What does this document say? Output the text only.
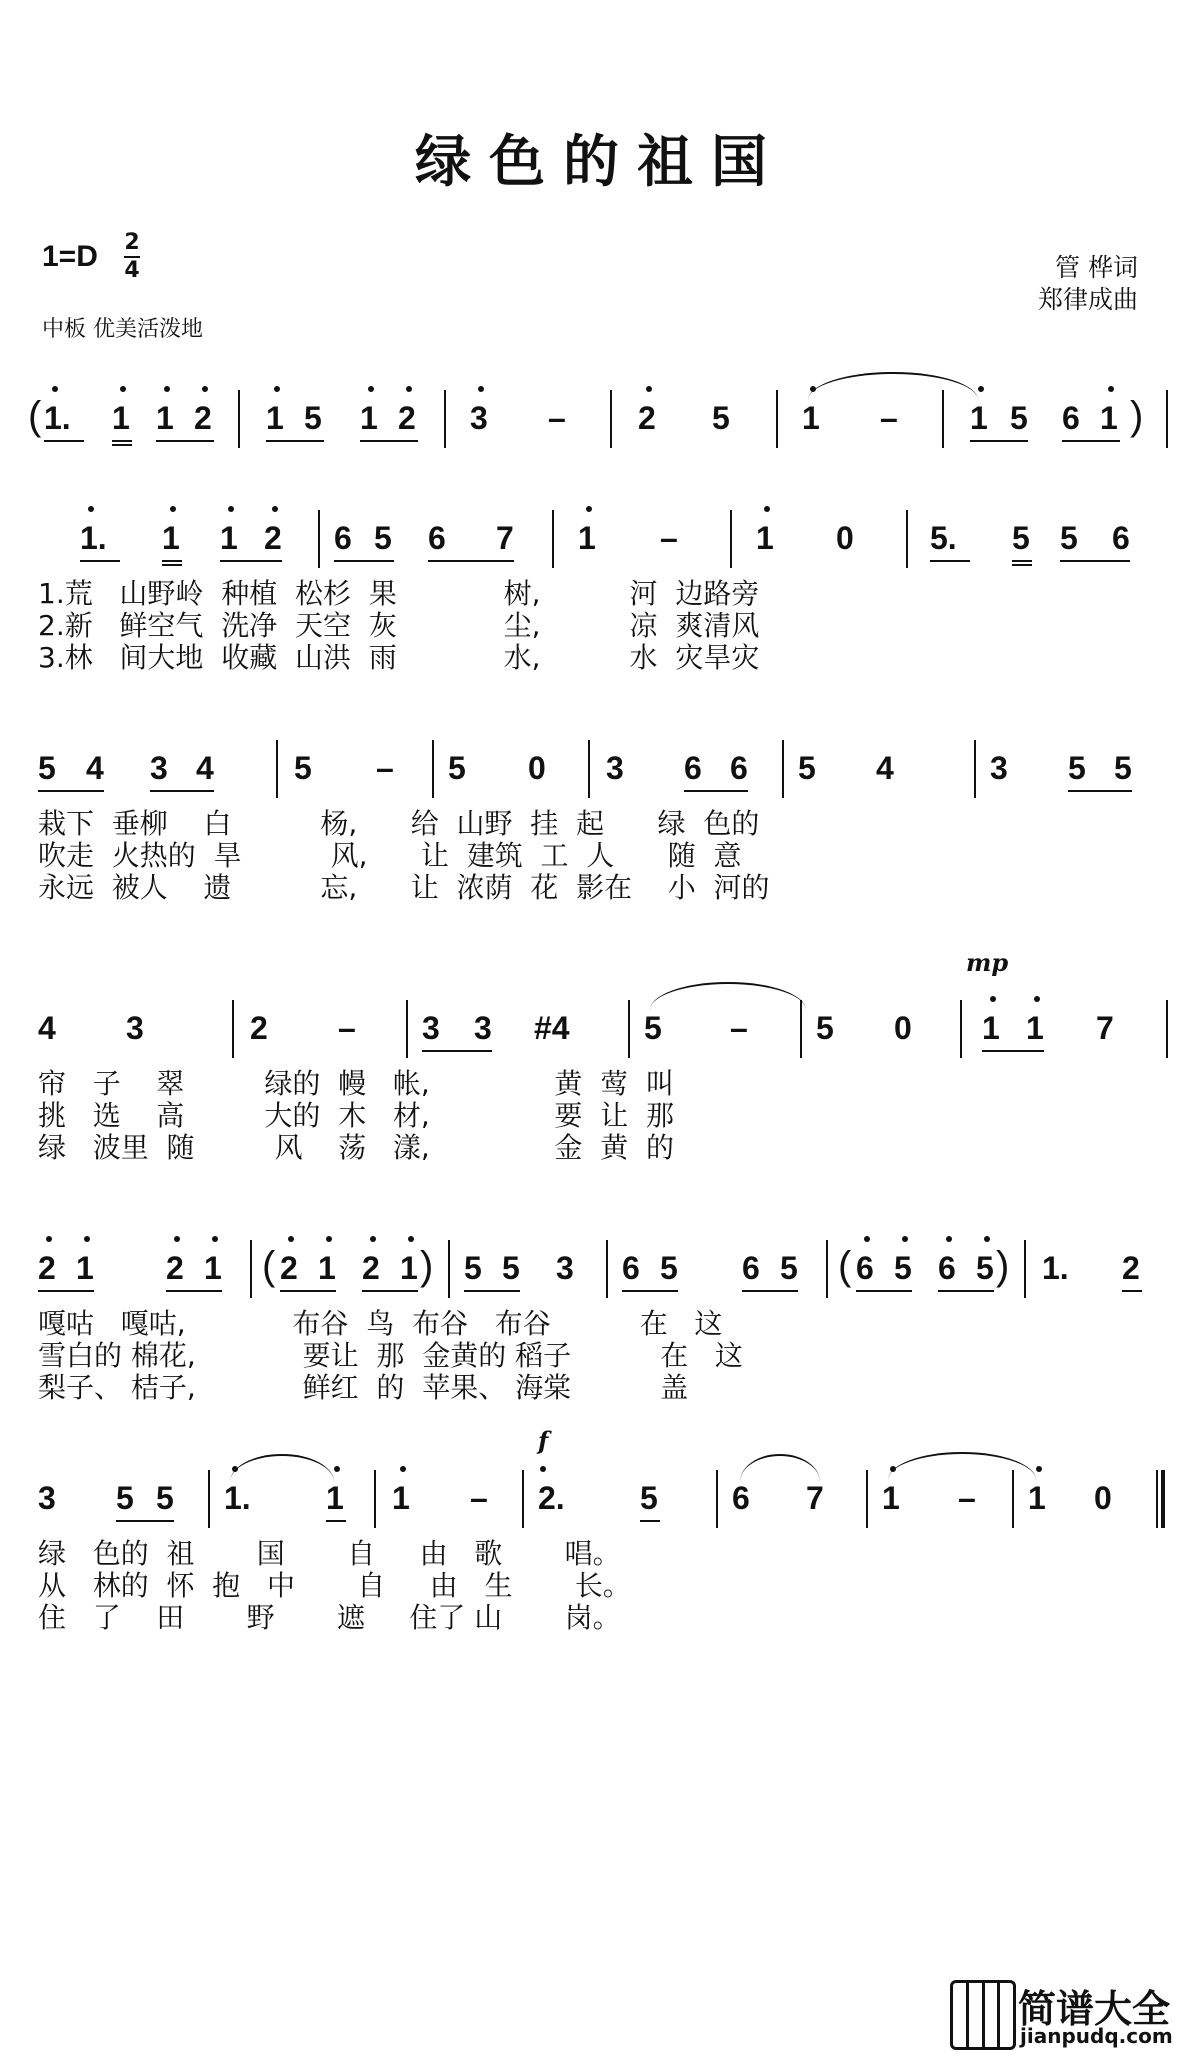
绿色的祖国
1=D 2
4
中板 优美活泼地
管 桦词
郑律成曲
( 1. 1 1 2 1 5 1 2 3 – 2 5 1 – 1 5 6 1 )
1. 1 1 2 6 5 6 7 1 – 1 0 5. 5 5 6
1.荒   山野岭  种植  松杉  果            树,          河  边路旁
2.新   鲜空气  洗净  天空  灰            尘,          凉  爽清风
3.林   间大地  收藏  山洪  雨            水,          水  灾旱灾
5 4 3 4	5 – 5 0 3 6 6 5 4	3 5 5
栽下  垂柳    白          杨,      给  山野  挂  起      绿  色的
吹走  火热的  旱          风,      让  建筑  工  人      随  意
永远  被人    遗          忘,      让  浓荫  花  影在    小  河的
mp
4 3	2 – 3 3 #4 5 – 5 0 1 1 7
帘   子    翠         绿的  幔   帐,              黄  莺  叫
挑   选    高         大的  木   材,              要  让  那
绿   波里  随         风    荡   漾,              金  黄  的
2 1 2 1 ( 2 1 2 1 ) 5 5 3 6 5 6 5 ( 6 5 6 5 ) 1. 2
嘎咕   嘎咕,            布谷  鸟  布谷   布谷          在   这
雪白的 棉花,            要让  那  金黄的 稻子          在   这
梨子、 桔子,            鲜红  的  苹果、 海棠          盖
f
3 5 5 1. 1 1 – 2. 5 6 7 1 – 1 0
绿   色的  祖       国       自     由   歌       唱。
从   林的  怀  抱   中       自     由   生       长。
住   了    田       野       遮     住了 山       岗。
简谱大全
jianpudq.com
